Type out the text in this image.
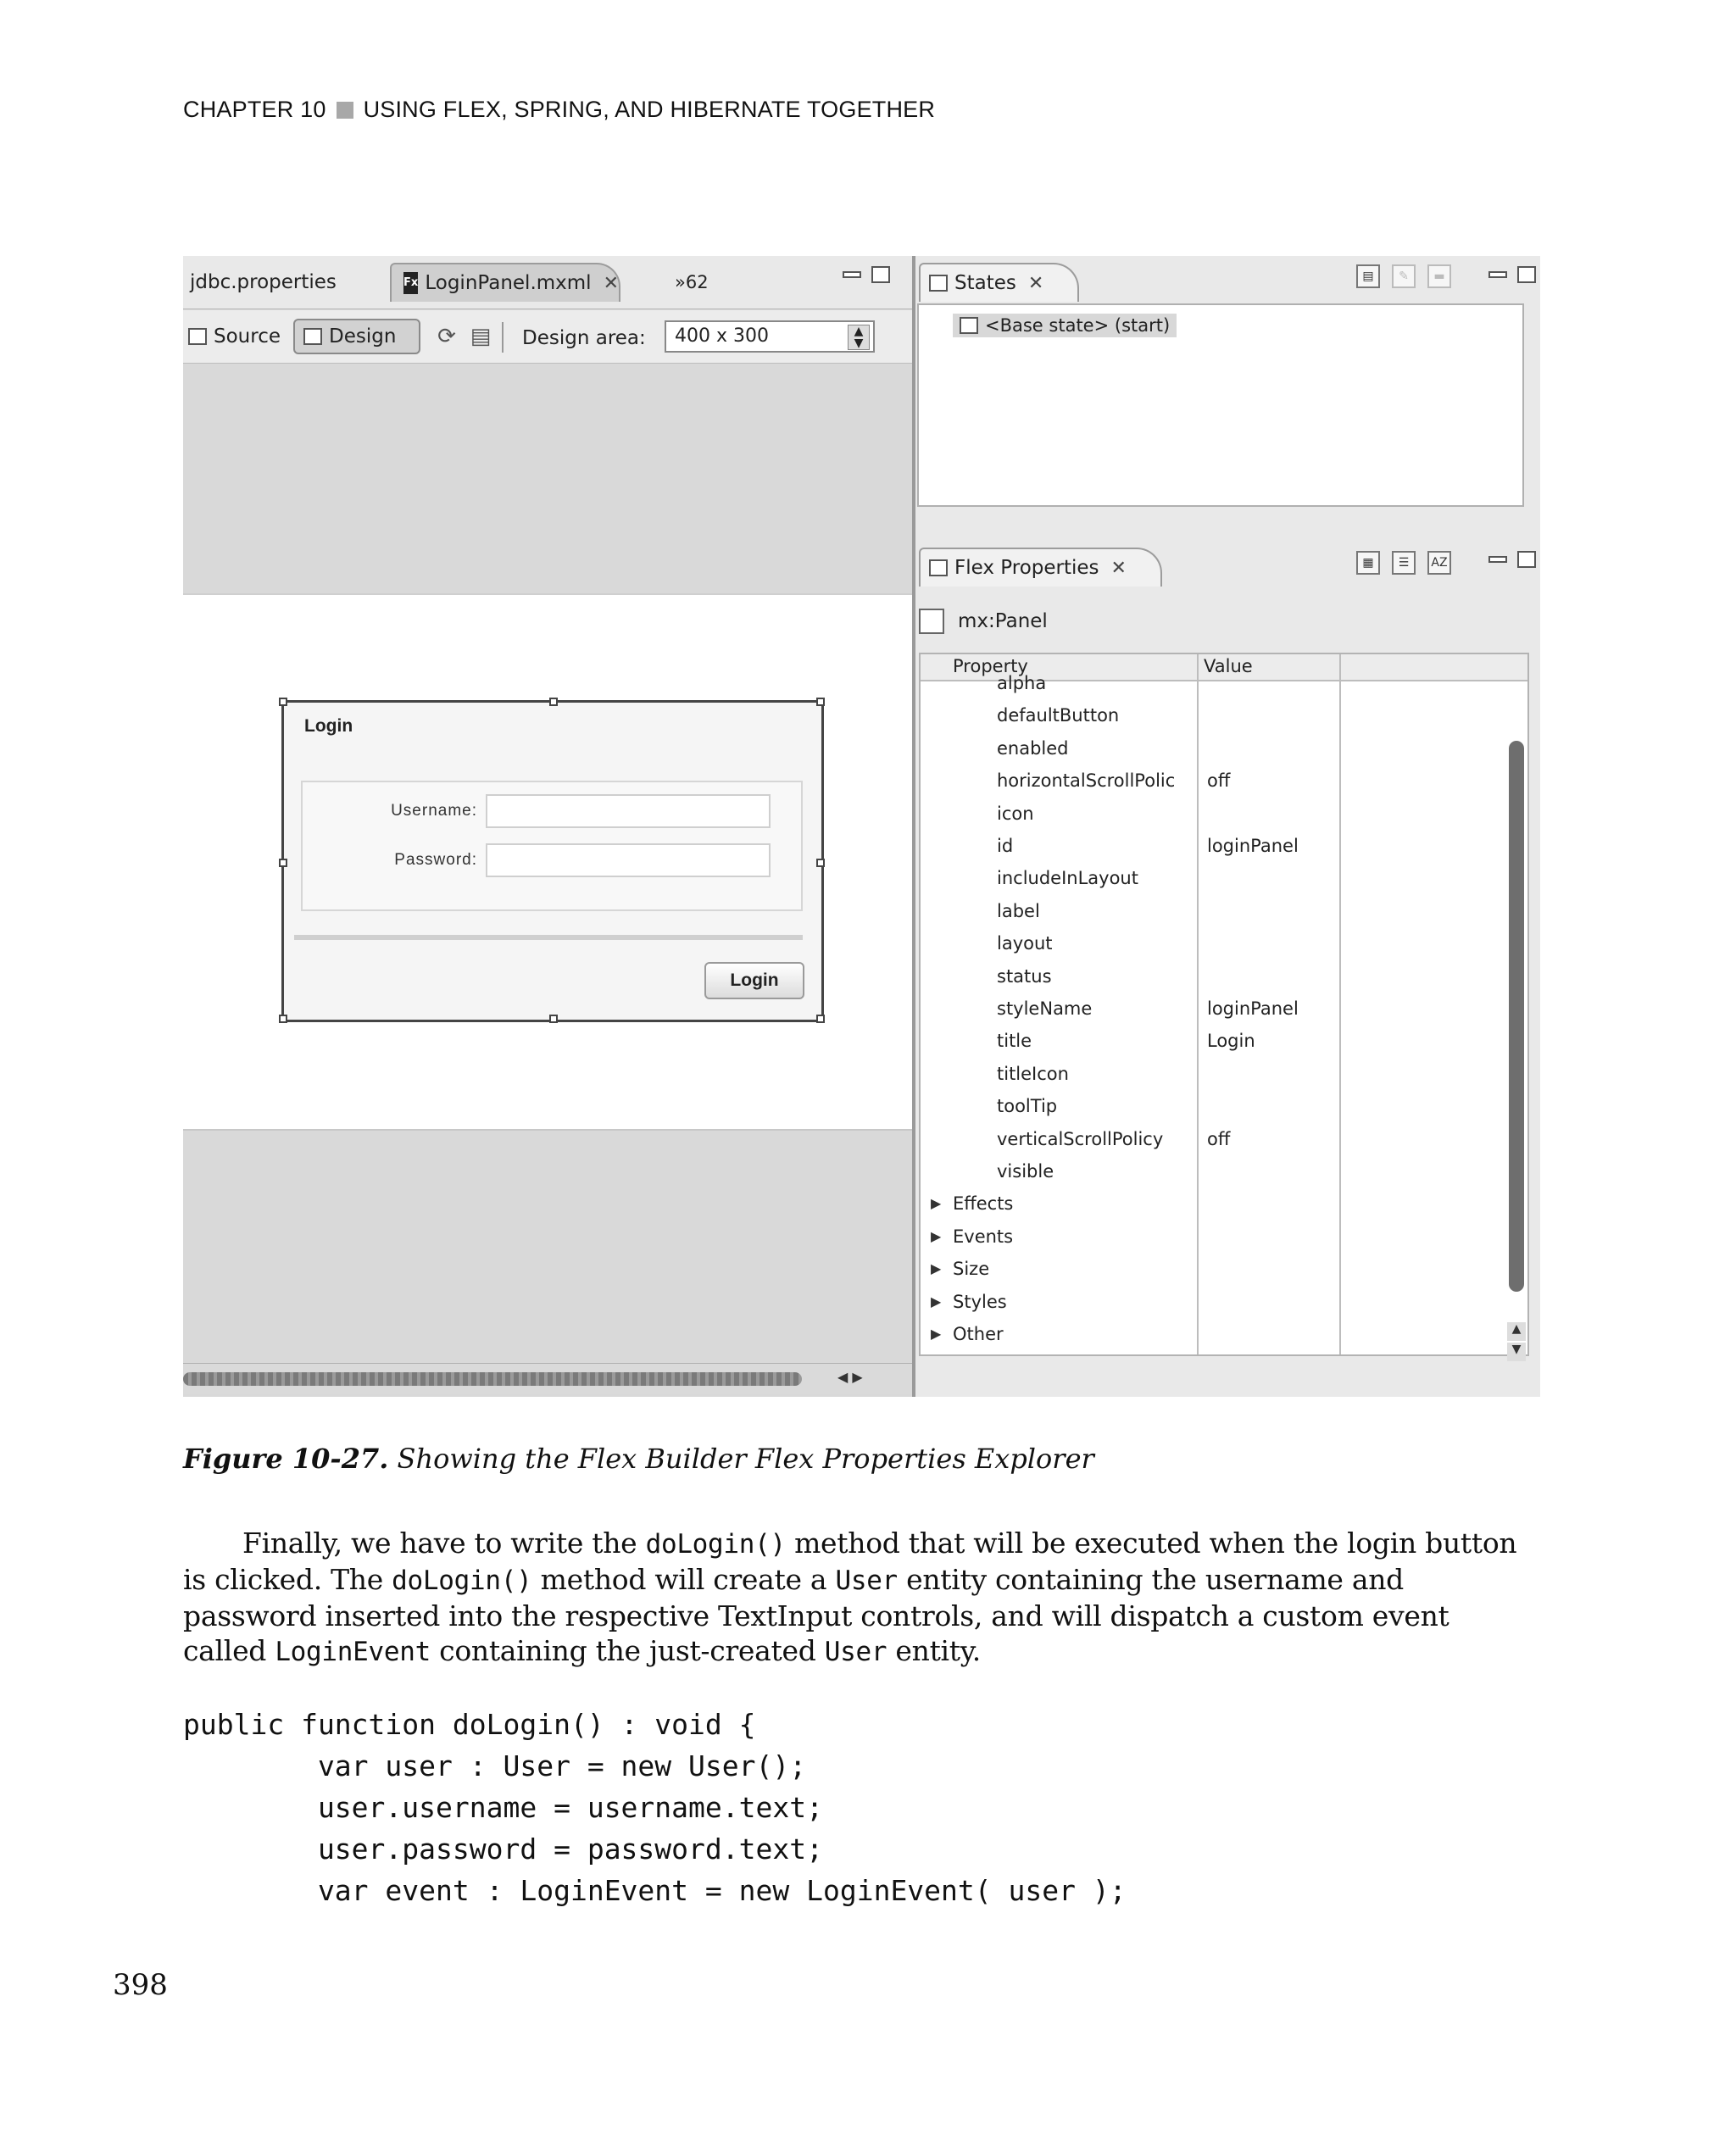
CHAPTER 10 USING FLEX, SPRING, AND HIBERNATE TOGETHER
jdbc.properties	Fx LoginPanel.mxml ✕	»62
Source Design ⟳ ▤ Design area:	400 x 300	▲
▼
Login
Username:
Password:
Login
◀ ▶
States ✕	▤	✎	▬
<Base state> (start)
Flex Properties ✕	▦	☰	AZ
mx:Panel
Property	Value
alpha
defaultButton
enabled
horizontalScrollPolic	off
icon
id	loginPanel
includeInLayout
label
layout
status
styleName	loginPanel
title	Login
titleIcon
toolTip
verticalScrollPolicy	off
visible
▶ Effects
▶ Events
▶ Size
▶ Styles
▶ Other	▲
▼
Figure 10-27. Showing the Flex Builder Flex Properties Explorer

Finally, we have to write the doLogin() method that will be executed when the login button is clicked. The doLogin() method will create a User entity containing the username and password inserted into the respective TextInput controls, and will dispatch a custom event called LoginEvent containing the just-created User entity.

public function doLogin() : void {
var user : User = new User();
user.username = username.text;
user.password = password.text;
var event : LoginEvent = new LoginEvent( user );
398
